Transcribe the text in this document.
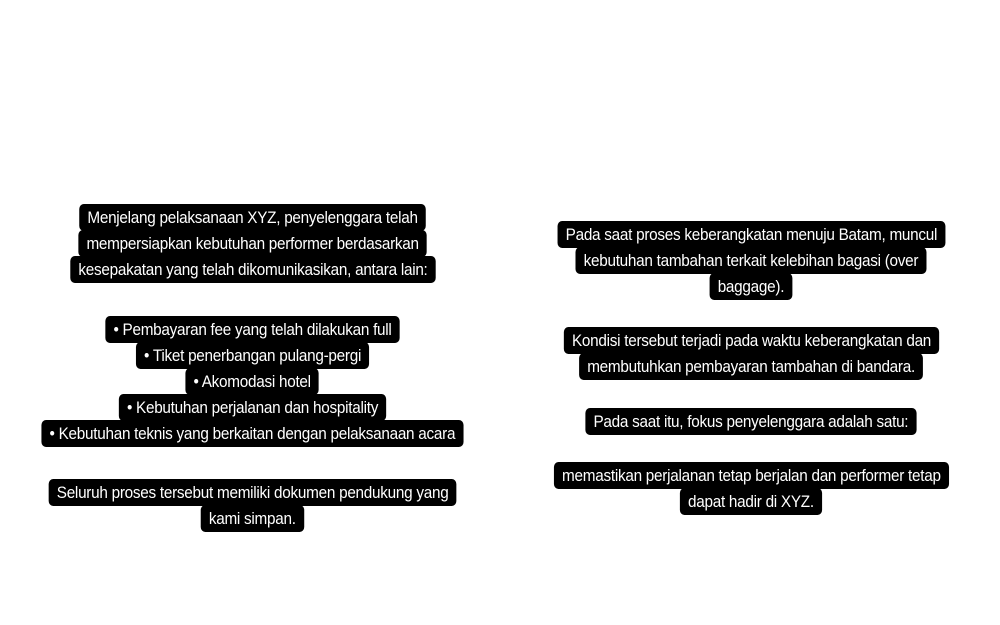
Menjelang pelaksanaan XYZ, penyelenggara telah
mempersiapkan kebutuhan performer berdasarkan
kesepakatan yang telah dikomunikasikan, antara lain:
• Pembayaran fee yang telah dilakukan full
• Tiket penerbangan pulang-pergi
• Akomodasi hotel
• Kebutuhan perjalanan dan hospitality
• Kebutuhan teknis yang berkaitan dengan pelaksanaan acara
Seluruh proses tersebut memiliki dokumen pendukung yang
kami simpan.
Pada saat proses keberangkatan menuju Batam, muncul
kebutuhan tambahan terkait kelebihan bagasi (over
baggage).
Kondisi tersebut terjadi pada waktu keberangkatan dan
membutuhkan pembayaran tambahan di bandara.
Pada saat itu, fokus penyelenggara adalah satu:
memastikan perjalanan tetap berjalan dan performer tetap
dapat hadir di XYZ.
